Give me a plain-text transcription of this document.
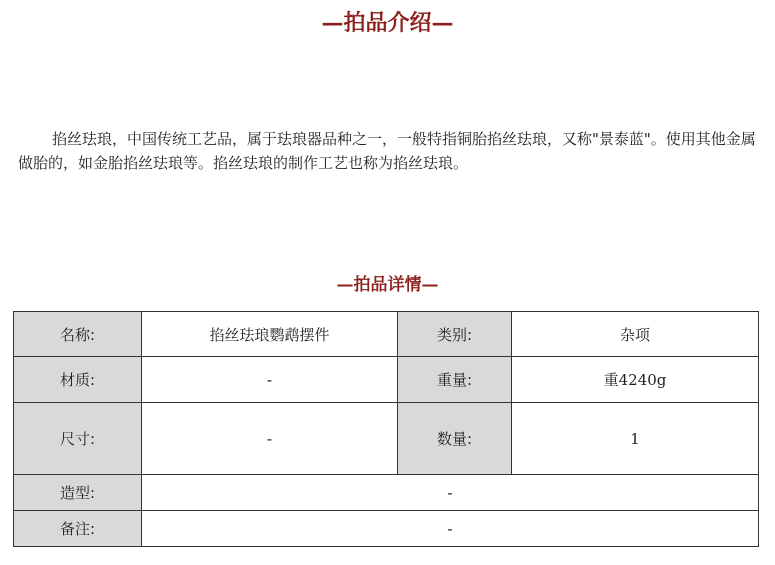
—拍品介绍—
掐丝珐琅，中国传统工艺品，属于珐琅器品种之一，一般特指铜胎掐丝珐琅，又称"景泰蓝"。使用其他金属做胎的，如金胎掐丝珐琅等。掐丝珐琅的制作工艺也称为掐丝珐琅。
—拍品详情—
名称:	掐丝珐琅鹦鹉摆件	类别:	杂项
材质:	-	重量:	重4240g
尺寸:	-	数量:	1
造型:	-		
备注:	-		
